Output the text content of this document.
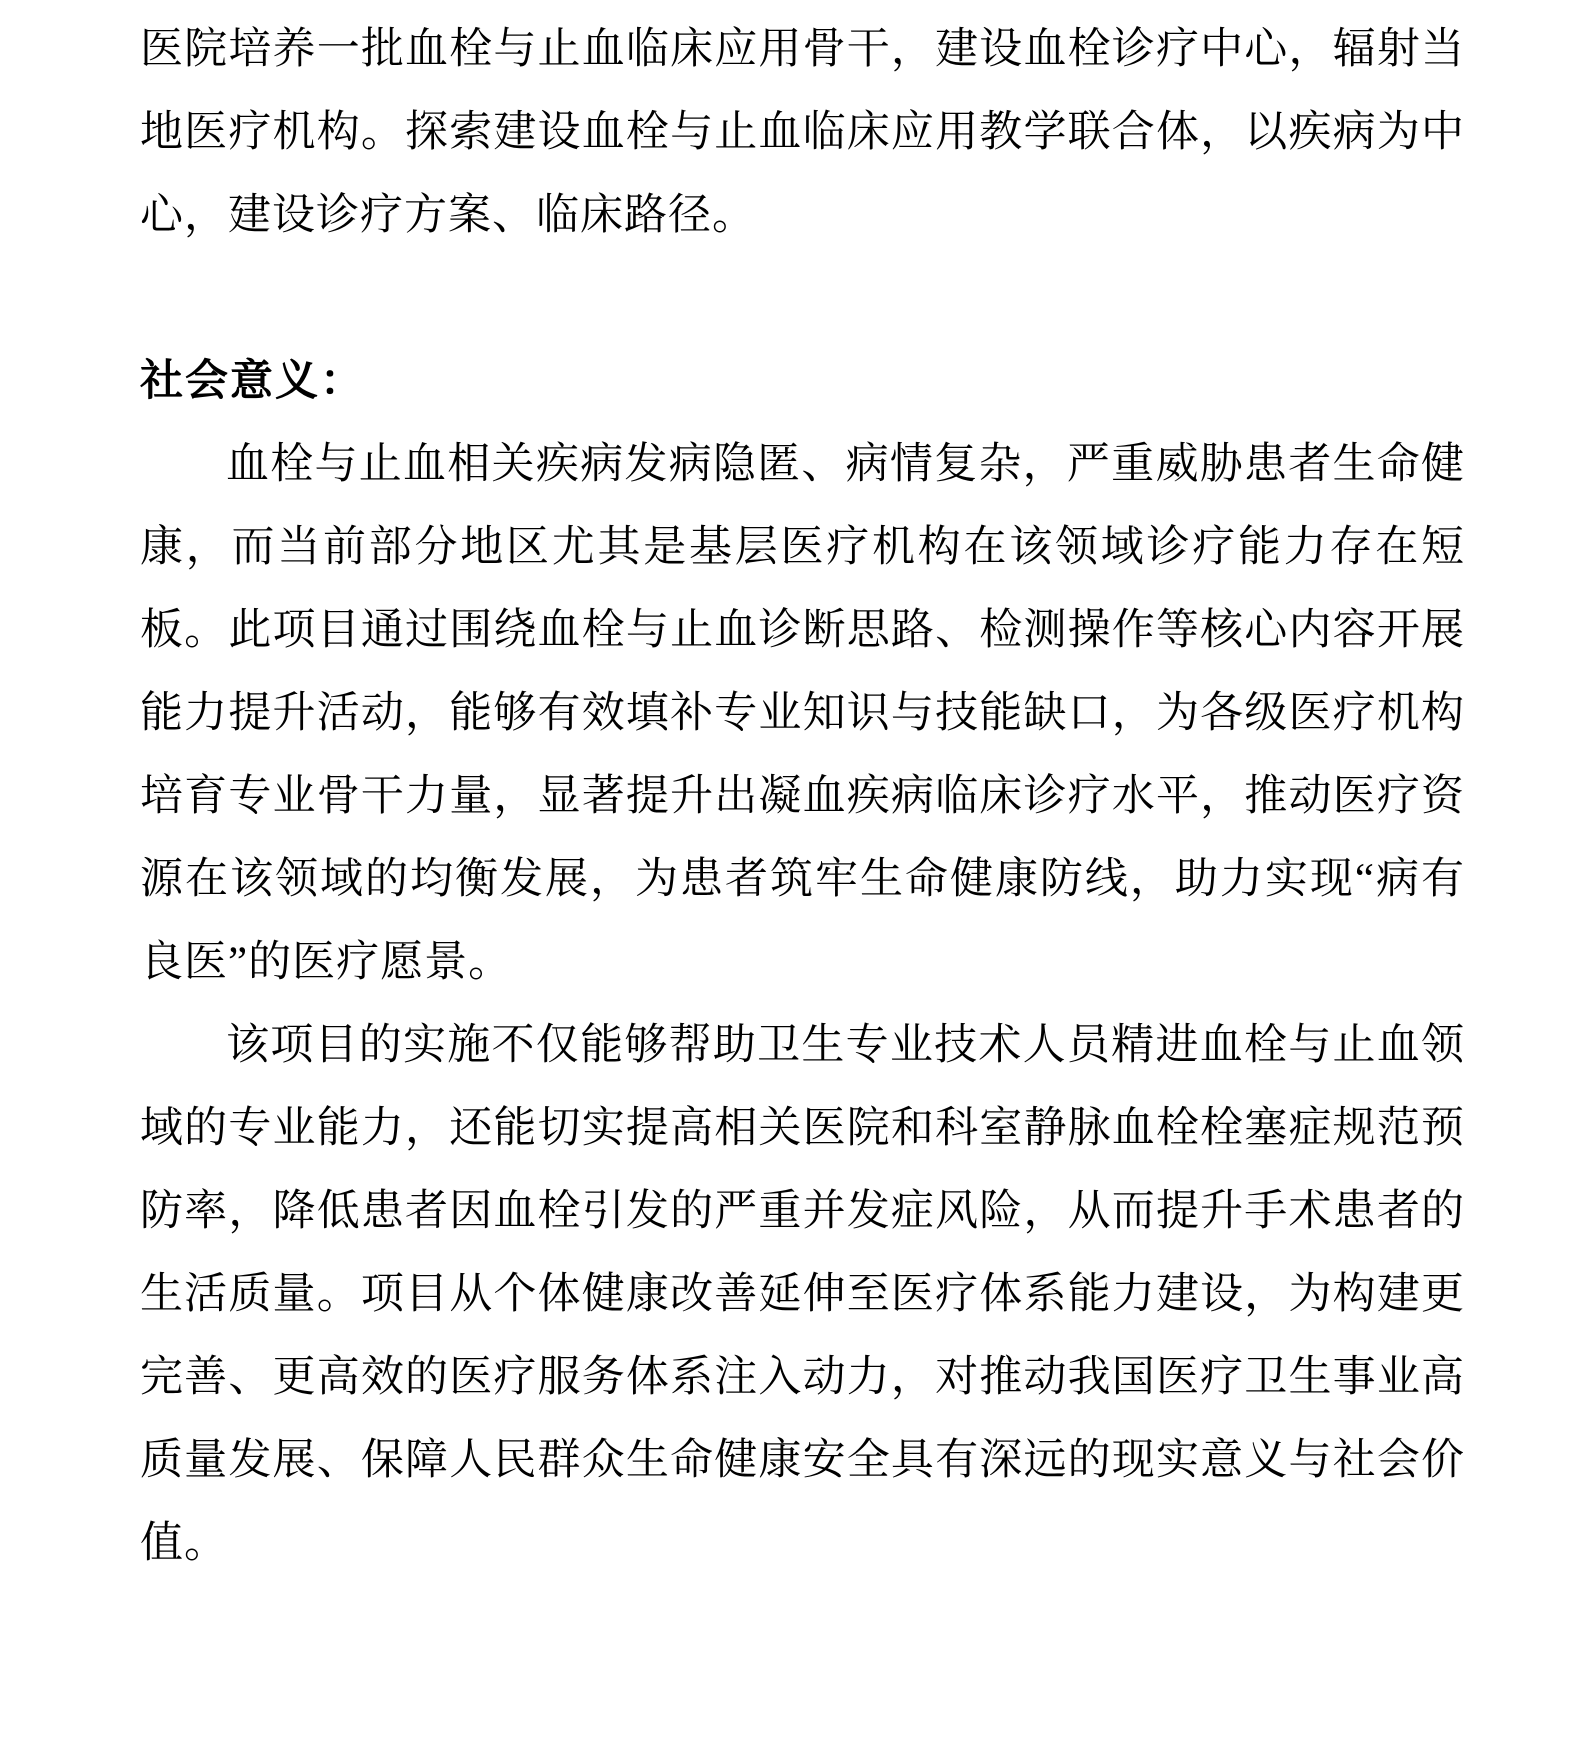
医院培养一批血栓与止血临床应用骨干，建设血栓诊疗中心，辐射当地医疗机构。探索建设血栓与止血临床应用教学联合体，以疾病为中心，建设诊疗方案、临床路径。

社会意义：

血栓与止血相关疾病发病隐匿、病情复杂，严重威胁患者生命健康，而当前部分地区尤其是基层医疗机构在该领域诊疗能力存在短板。此项目通过围绕血栓与止血诊断思路、检测操作等核心内容开展能力提升活动，能够有效填补专业知识与技能缺口，为各级医疗机构培育专业骨干力量，显著提升出凝血疾病临床诊疗水平，推动医疗资源在该领域的均衡发展，为患者筑牢生命健康防线，助力实现“病有良医”的医疗愿景。

该项目的实施不仅能够帮助卫生专业技术人员精进血栓与止血领域的专业能力，还能切实提高相关医院和科室静脉血栓栓塞症规范预防率，降低患者因血栓引发的严重并发症风险，从而提升手术患者的生活质量。项目从个体健康改善延伸至医疗体系能力建设，为构建更完善、更高效的医疗服务体系注入动力，对推动我国医疗卫生事业高质量发展、保障人民群众生命健康安全具有深远的现实意义与社会价值。
